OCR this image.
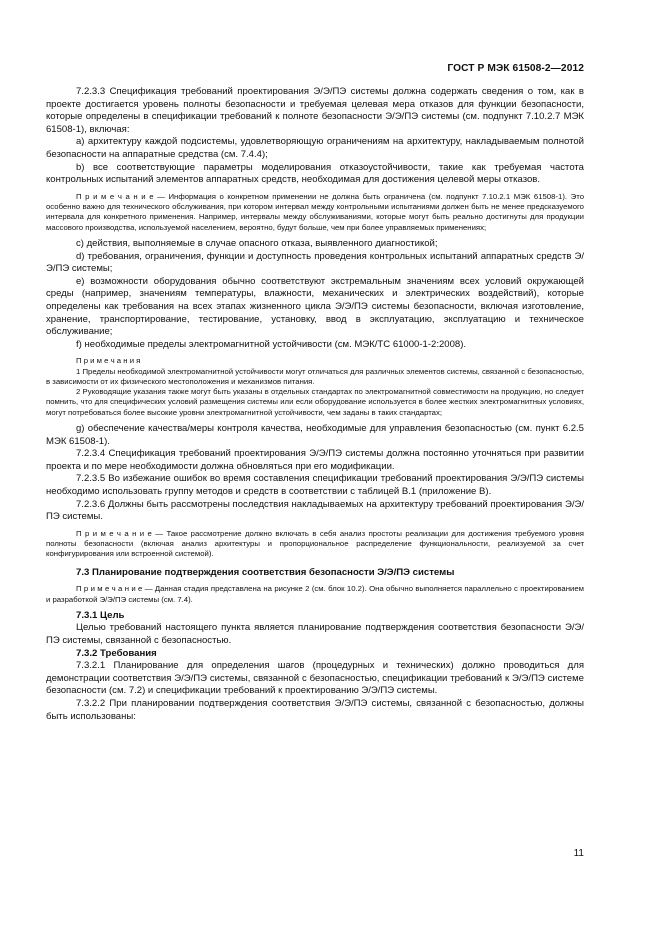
ГОСТ Р МЭК 61508-2—2012

7.2.3.3 Спецификация требований проектирования Э/Э/ПЭ системы должна содержать сведения о том, как в проекте достигается уровень полноты безопасности и требуемая целевая мера отказов для функции безопасности, которые определены в спецификации требований к полноте безопасности Э/Э/ПЭ системы (см. подпункт 7.10.2.7 МЭК 61508-1), включая:

а) архитектуру каждой подсистемы, удовлетворяющую ограничениям на архитектуру, накладываемым полнотой безопасности на аппаратные средства (см. 7.4.4);

b) все соответствующие параметры моделирования отказоустойчивости, такие как требуемая частота контрольных испытаний элементов аппаратных средств, необходимая для достижения целевой меры отказов.

П р и м е ч а н и е — Информация о конкретном применении не должна быть ограничена (см. подпункт 7.10.2.1 МЭК 61508-1). Это особенно важно для технического обслуживания, при котором интервал между контрольными испытаниями должен быть не менее предсказуемого интервала для конкретного применения. Например, интервалы между обслуживаниями, которые могут быть реально достигнуты для продукции массового производства, используемой населением, вероятно, будут больше, чем при более управляемых применениях;

c) действия, выполняемые в случае опасного отказа, выявленного диагностикой;

d) требования, ограничения, функции и доступность проведения контрольных испытаний аппаратных средств Э/Э/ПЭ системы;

е) возможности оборудования обычно соответствуют экстремальным значениям всех условий окружающей среды (например, значениям температуры, влажности, механических и электрических воздействий), которые определены как требования на всех этапах жизненного цикла Э/Э/ПЭ системы безопасности, включая изготовление, хранение, транспортирование, тестирование, установку, ввод в эксплуатацию, эксплуатацию и техническое обслуживание;

f) необходимые пределы электромагнитной устойчивости (см. МЭК/ТС 61000-1-2:2008).

П р и м е ч а н и я

1 Пределы необходимой электромагнитной устойчивости могут отличаться для различных элементов системы, связанной с безопасностью, в зависимости от их физического местоположения и механизмов питания.

2 Руководящие указания также могут быть указаны в отдельных стандартах по электромагнитной совместимости на продукцию, но следует помнить, что для специфических условий размещения системы или если оборудование используется в более жестких электромагнитных условиях, могут потребоваться более высокие уровни электромагнитной устойчивости, чем заданы в таких стандартах;

g) обеспечение качества/меры контроля качества, необходимые для управления безопасностью (см. пункт 6.2.5 МЭК 61508-1).

7.2.3.4 Спецификация требований проектирования Э/Э/ПЭ системы должна постоянно уточняться при развитии проекта и по мере необходимости должна обновляться при его модификации.

7.2.3.5 Во избежание ошибок во время составления спецификации требований проектирования Э/Э/ПЭ системы необходимо использовать группу методов и средств в соответствии с таблицей В.1 (приложение В).

7.2.3.6 Должны быть рассмотрены последствия накладываемых на архитектуру требований проектирования Э/Э/ПЭ системы.

П р и м е ч а н и е — Такое рассмотрение должно включать в себя анализ простоты реализации для достижения требуемого уровня полноты безопасности (включая анализ архитектуры и пропорциональное распределение функциональности, реализуемой за счет конфигурирования или встроенной системой).

7.3 Планирование подтверждения соответствия безопасности Э/Э/ПЭ системы

П р и м е ч а н и е — Данная стадия представлена на рисунке 2 (см. блок 10.2). Она обычно выполняется параллельно с проектированием и разработкой Э/Э/ПЭ системы (см. 7.4).

7.3.1 Цель

Целью требований настоящего пункта является планирование подтверждения соответствия безопасности Э/Э/ПЭ системы, связанной с безопасностью.

7.3.2 Требования

7.3.2.1 Планирование для определения шагов (процедурных и технических) должно проводиться для демонстрации соответствия Э/Э/ПЭ системы, связанной с безопасностью, спецификации требований к Э/Э/ПЭ системе безопасности (см. 7.2) и спецификации требований к проектированию Э/Э/ПЭ системы.

7.3.2.2 При планировании подтверждения соответствия Э/Э/ПЭ системы, связанной с безопасностью, должны быть использованы:

11
